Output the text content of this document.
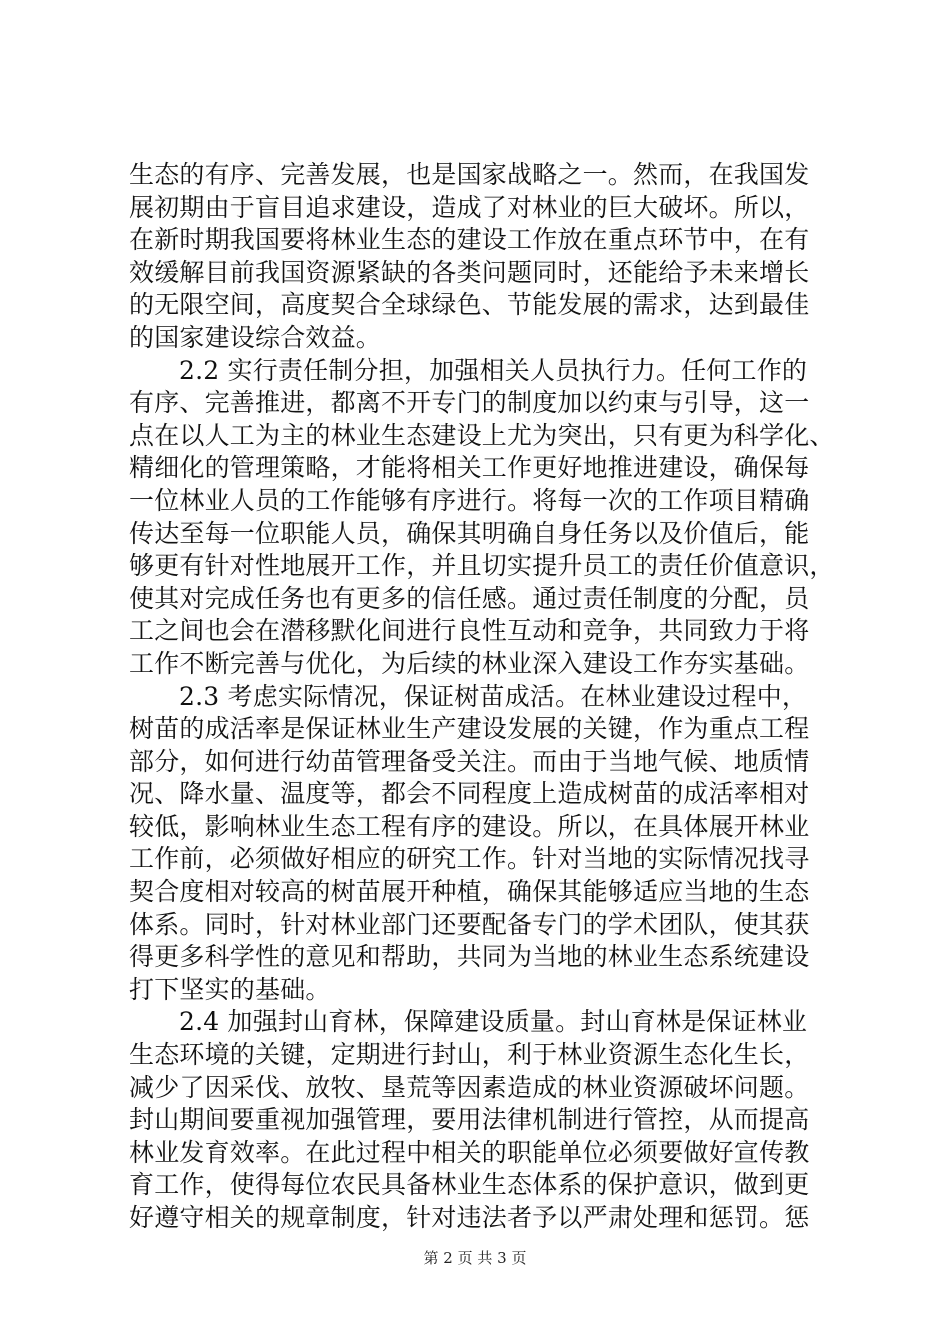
生态的有序、完善发展，也是国家战略之一。然而，在我国发
展初期由于盲目追求建设，造成了对林业的巨大破坏。所以，
在新时期我国要将林业生态的建设工作放在重点环节中，在有
效缓解目前我国资源紧缺的各类问题同时，还能给予未来增长
的无限空间，高度契合全球绿色、节能发展的需求，达到最佳
的国家建设综合效益。
2.2 实行责任制分担，加强相关人员执行力。任何工作的
有序、完善推进，都离不开专门的制度加以约束与引导，这一
点在以人工为主的林业生态建设上尤为突出，只有更为科学化、
精细化的管理策略，才能将相关工作更好地推进建设，确保每
一位林业人员的工作能够有序进行。将每一次的工作项目精确
传达至每一位职能人员，确保其明确自身任务以及价值后，能
够更有针对性地展开工作，并且切实提升员工的责任价值意识，
使其对完成任务也有更多的信任感。通过责任制度的分配，员
工之间也会在潜移默化间进行良性互动和竞争，共同致力于将
工作不断完善与优化，为后续的林业深入建设工作夯实基础。
2.3 考虑实际情况，保证树苗成活。在林业建设过程中，
树苗的成活率是保证林业生产建设发展的关键，作为重点工程
部分，如何进行幼苗管理备受关注。而由于当地气候、地质情
况、降水量、温度等，都会不同程度上造成树苗的成活率相对
较低，影响林业生态工程有序的建设。所以，在具体展开林业
工作前，必须做好相应的研究工作。针对当地的实际情况找寻
契合度相对较高的树苗展开种植，确保其能够适应当地的生态
体系。同时，针对林业部门还要配备专门的学术团队，使其获
得更多科学性的意见和帮助，共同为当地的林业生态系统建设
打下坚实的基础。
2.4 加强封山育林，保障建设质量。封山育林是保证林业
生态环境的关键，定期进行封山，利于林业资源生态化生长，
减少了因采伐、放牧、垦荒等因素造成的林业资源破坏问题。
封山期间要重视加强管理，要用法律机制进行管控，从而提高
林业发育效率。在此过程中相关的职能单位必须要做好宣传教
育工作，使得每位农民具备林业生态体系的保护意识，做到更
好遵守相关的规章制度，针对违法者予以严肃处理和惩罚。惩
第 2 页 共 3 页
